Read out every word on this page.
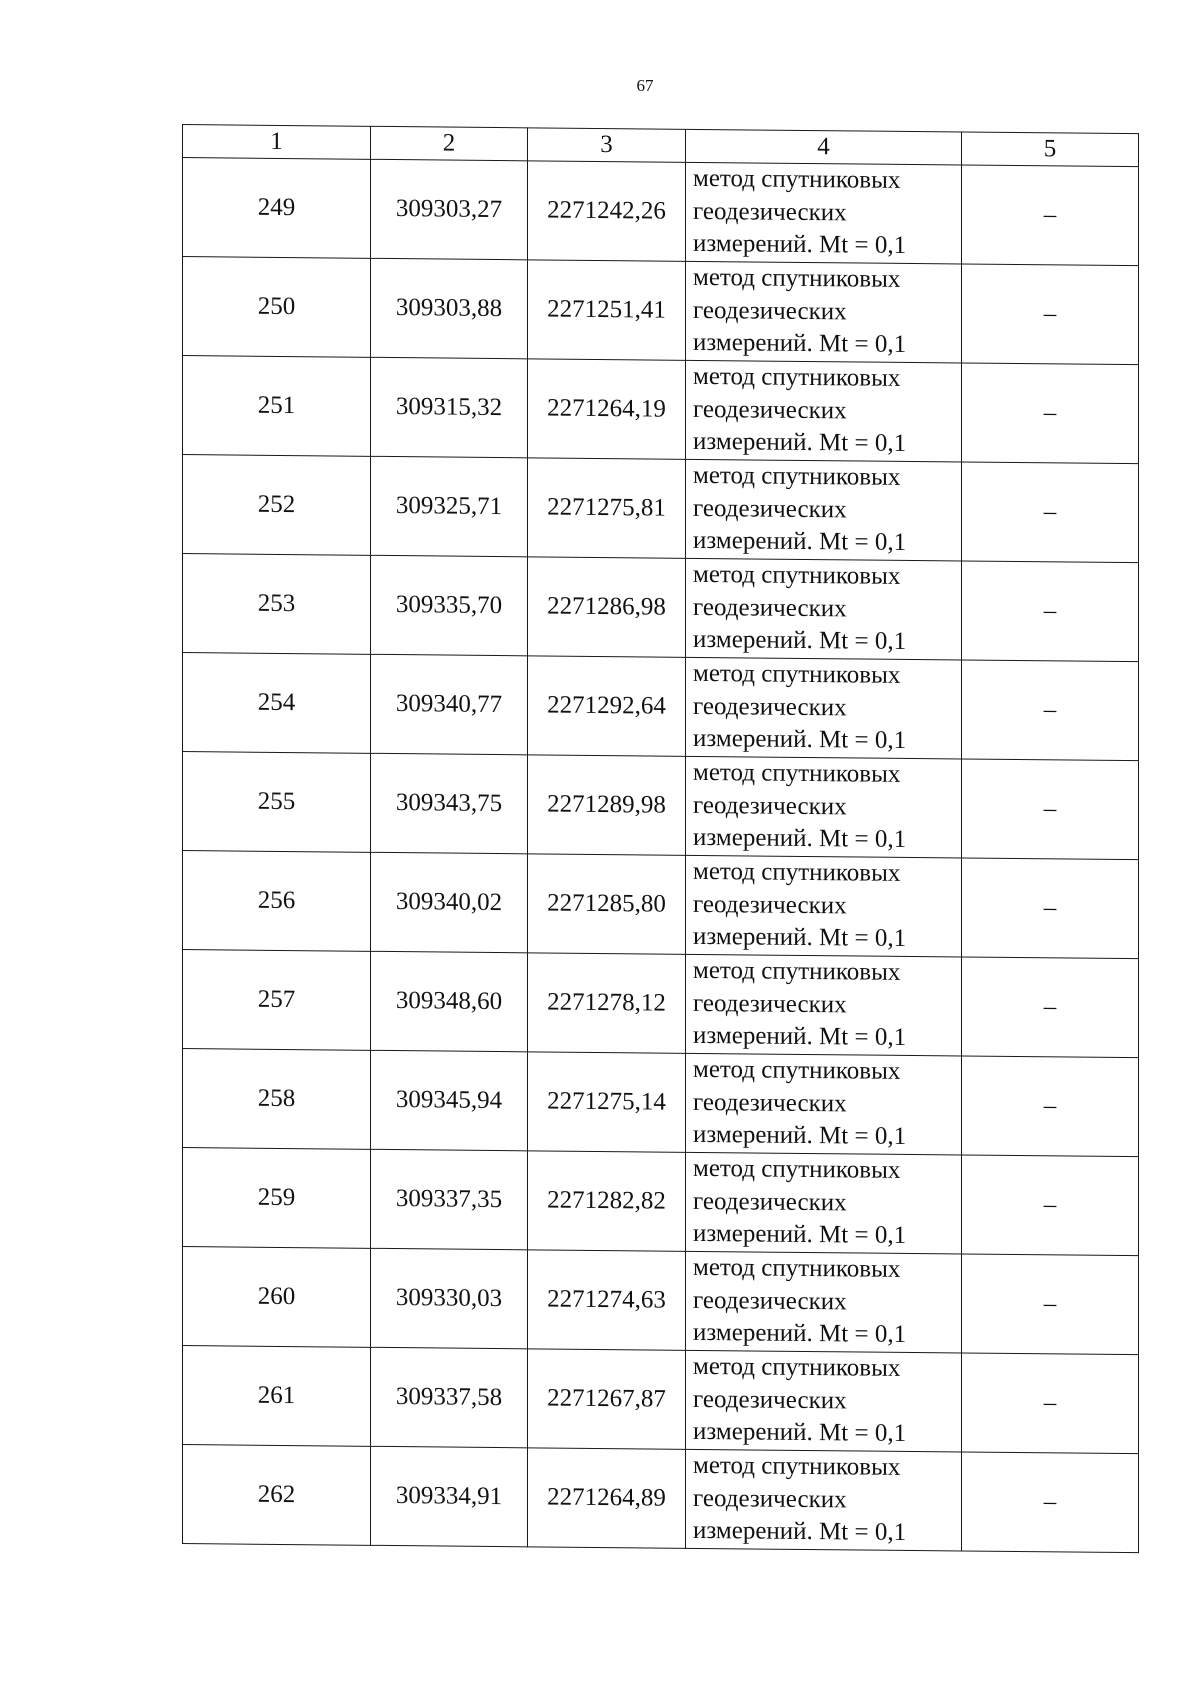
67
1	2	3	4	5
249	309303,27	2271242,26	метод спутниковых
геодезических
измерений. Mt = 0,1	–
250	309303,88	2271251,41	метод спутниковых
геодезических
измерений. Mt = 0,1	–
251	309315,32	2271264,19	метод спутниковых
геодезических
измерений. Mt = 0,1	–
252	309325,71	2271275,81	метод спутниковых
геодезических
измерений. Mt = 0,1	–
253	309335,70	2271286,98	метод спутниковых
геодезических
измерений. Mt = 0,1	–
254	309340,77	2271292,64	метод спутниковых
геодезических
измерений. Mt = 0,1	–
255	309343,75	2271289,98	метод спутниковых
геодезических
измерений. Mt = 0,1	–
256	309340,02	2271285,80	метод спутниковых
геодезических
измерений. Mt = 0,1	–
257	309348,60	2271278,12	метод спутниковых
геодезических
измерений. Mt = 0,1	–
258	309345,94	2271275,14	метод спутниковых
геодезических
измерений. Mt = 0,1	–
259	309337,35	2271282,82	метод спутниковых
геодезических
измерений. Mt = 0,1	–
260	309330,03	2271274,63	метод спутниковых
геодезических
измерений. Mt = 0,1	–
261	309337,58	2271267,87	метод спутниковых
геодезических
измерений. Mt = 0,1	–
262	309334,91	2271264,89	метод спутниковых
геодезических
измерений. Mt = 0,1	–
